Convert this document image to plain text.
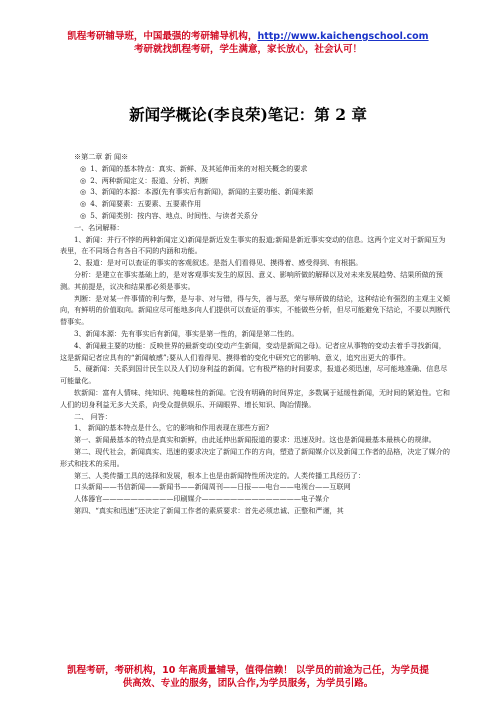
凯程考研辅导班，中国最强的考研辅导机构，http://www.kaichengschool.com
考研就找凯程考研，学生满意，家长放心，社会认可！
新闻学概论(李良荣)笔记：第 2 章

※第二章 新 闻※

◎ 1、新闻的基本特点：真实、新鲜、及其延伸而来的对相关概念的要求

◎ 2、两种新闻定义：报道、分析、判断

◎ 3、新闻的本源：本源(先有事实后有新闻)，新闻的主要功能、新闻来源

◎ 4、新闻要素：五要素、五要素作用

◎ 5、新闻类别：按内容、地点、时间性、与读者关系分

一、名词解释：

1、新闻：并行不悖的两种新闻定义)新闻是新近发生事实的报道;新闻是新近事实变动的信息。这两个定义对于新闻互为表里，在不同场合有各自不同的内涵和功能。

2、报道：是对可以查证的事实的客观叙述。是指人们看得见、摸得着、感受得到、有根据。

分析：是建立在事实基础上的，是对客观事实发生的原因、意义、影响所做的解释以及对未来发展趋势、结果所做的预测。其前提是，议决和结果都必须是事实。

判断：是对某一件事情的利与弊，是与非、对与错，得与失，善与恶，荣与辱所做的结论，这种结论有强烈的主观主义倾向，有鲜明的价值取向。新闻应尽可能地多向人们提供可以查证的事实，不能做些分析，但尽可能避免下结论，不要以判断代替事实。

3、新闻本源：先有事实后有新闻，事实是第一性的，新闻是第二性的。

4、新闻最主要的功能：反映世界的最新变动(变动产生新闻，变动是新闻之母)。记者应从事物的变动去着手寻找新闻，这是新闻记者应具有的“新闻敏感”;要从人们看得见、摸得着的变化中研究它的影响、意义，追究出更大的事件。

5、硬新闻：关系到国计民生以及人们切身利益的新闻。它有极严格的时间要求，报道必须迅速，尽可能地准确、信息尽可能量化。

软新闻：富有人情味、纯知识、纯趣味性的新闻。它没有明确的时间界定，多数属于延缓性新闻，无时间的紧迫性。它和人们的切身利益无多大关系，向受众提供娱乐、开阔眼界、增长知识、陶冶情操。

二、 问答：

1、 新闻的基本特点是什么，它的影响和作用表现在那些方面?

第一、新闻最基本的特点是真实和新鲜，由此延伸出新闻报道的要求：迅速及时。这也是新闻最基本最核心的规律。

第二、现代社会，新闻真实、迅速的要求决定了新闻工作的方向，塑造了新闻媒介以及新闻工作者的品格，决定了媒介的形式和技术的采用。

第三、人类传播工具的选择和发展，根本上也是由新闻特性所决定的。人类传播工具经历了：

口头新闻——书信新闻——新闻书——新闻周刊——日报——电台——电视台——互联网

人体器官——————————印刷媒介——————————————电子媒介

第四、“真实和迅速”还决定了新闻工作者的素质要求：首先必须忠诚、正整和严谨，其

凯程考研，考研机构，10 年高质量辅导，值得信赖！ 以学员的前途为己任，为学员提
供高效、专业的服务，团队合作,为学员服务，为学员引路。
